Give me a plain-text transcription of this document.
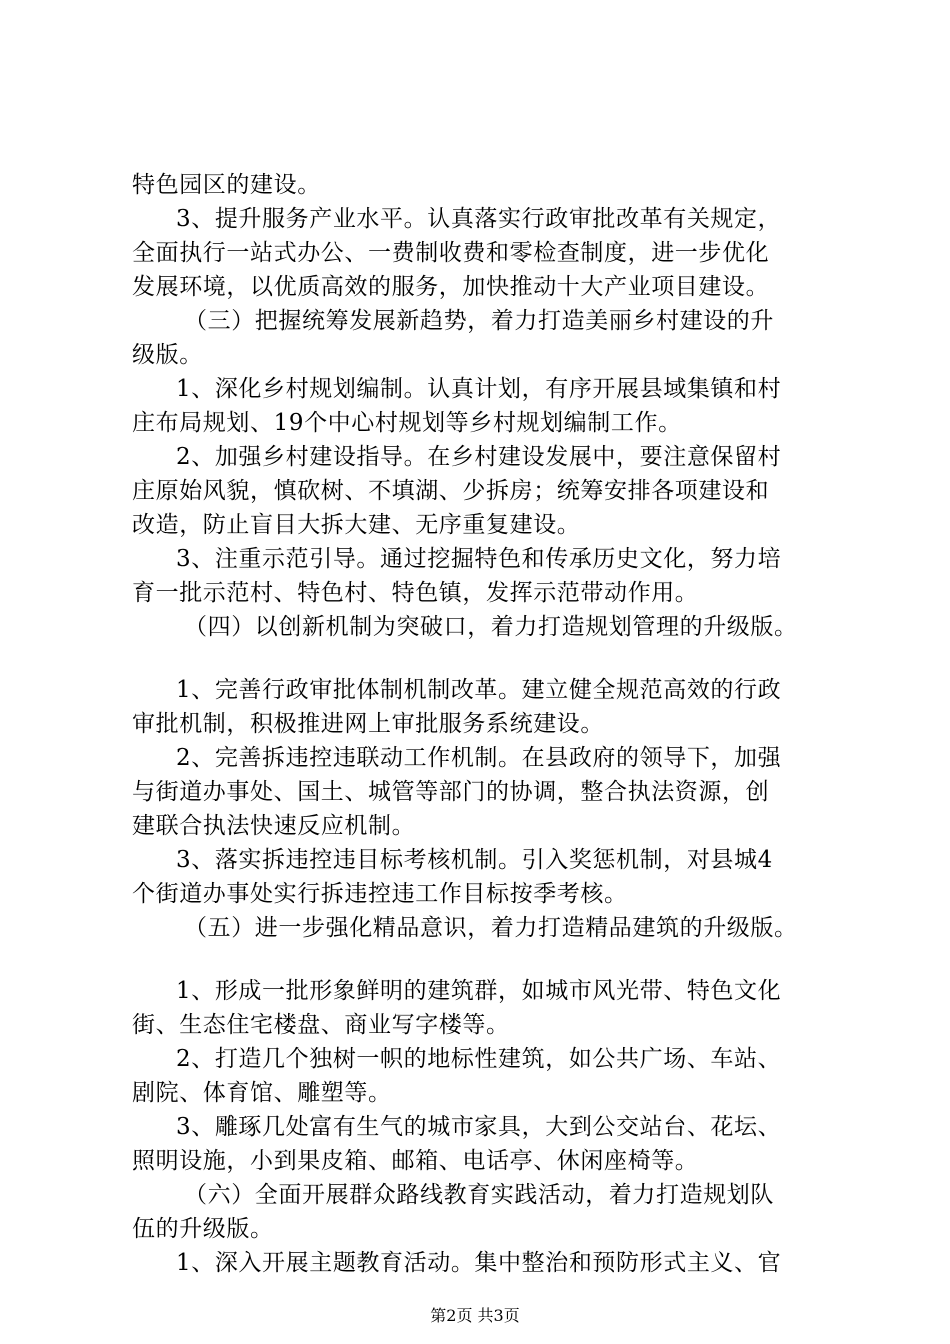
特色园区的建设。
3、提升服务产业水平。认真落实行政审批改革有关规定，
全面执行一站式办公、一费制收费和零检查制度，进一步优化
发展环境，以优质高效的服务，加快推动十大产业项目建设。
（三）把握统筹发展新趋势，着力打造美丽乡村建设的升
级版。
1、深化乡村规划编制。认真计划，有序开展县域集镇和村
庄布局规划、19个中心村规划等乡村规划编制工作。
2、加强乡村建设指导。在乡村建设发展中，要注意保留村
庄原始风貌，慎砍树、不填湖、少拆房；统筹安排各项建设和
改造，防止盲目大拆大建、无序重复建设。
3、注重示范引导。通过挖掘特色和传承历史文化，努力培
育一批示范村、特色村、特色镇，发挥示范带动作用。
（四）以创新机制为突破口，着力打造规划管理的升级版。
1、完善行政审批体制机制改革。建立健全规范高效的行政
审批机制，积极推进网上审批服务系统建设。
2、完善拆违控违联动工作机制。在县政府的领导下，加强
与街道办事处、国土、城管等部门的协调，整合执法资源，创
建联合执法快速反应机制。
3、落实拆违控违目标考核机制。引入奖惩机制，对县城4
个街道办事处实行拆违控违工作目标按季考核。
（五）进一步强化精品意识，着力打造精品建筑的升级版。
1、形成一批形象鲜明的建筑群，如城市风光带、特色文化
街、生态住宅楼盘、商业写字楼等。
2、打造几个独树一帜的地标性建筑，如公共广场、车站、
剧院、体育馆、雕塑等。
3、雕琢几处富有生气的城市家具，大到公交站台、花坛、
照明设施，小到果皮箱、邮箱、电话亭、休闲座椅等。
（六）全面开展群众路线教育实践活动，着力打造规划队
伍的升级版。
1、深入开展主题教育活动。集中整治和预防形式主义、官
第2页 共3页
